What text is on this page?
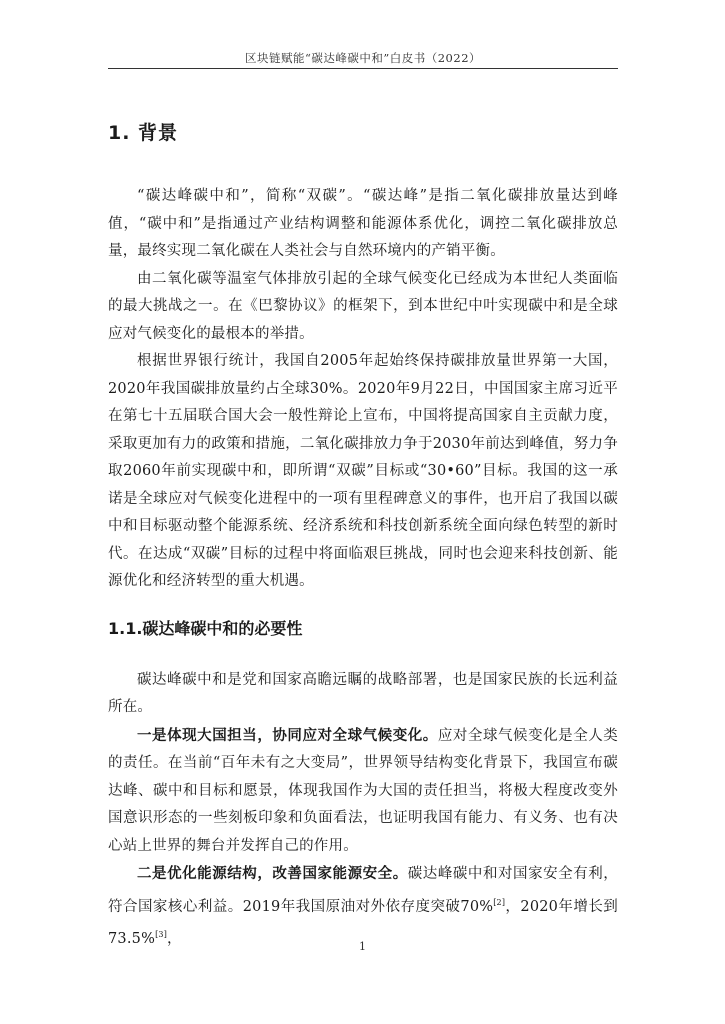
区块链赋能“碳达峰碳中和”白皮书（2022）
1. 背景

“碳达峰碳中和”，简称“双碳”。“碳达峰”是指二氧化碳排放量达到峰值，“碳中和”是指通过产业结构调整和能源体系优化，调控二氧化碳排放总量，最终实现二氧化碳在人类社会与自然环境内的产销平衡。

由二氧化碳等温室气体排放引起的全球气候变化已经成为本世纪人类面临的最大挑战之一。在《巴黎协议》的框架下，到本世纪中叶实现碳中和是全球应对气候变化的最根本的举措。

根据世界银行统计，我国自2005年起始终保持碳排放量世界第一大国，2020年我国碳排放量约占全球30%。2020年9月22日，中国国家主席习近平在第七十五届联合国大会一般性辩论上宣布，中国将提高国家自主贡献力度，采取更加有力的政策和措施，二氧化碳排放力争于2030年前达到峰值，努力争取2060年前实现碳中和，即所谓“双碳”目标或“30•60”目标。我国的这一承诺是全球应对气候变化进程中的一项有里程碑意义的事件，也开启了我国以碳中和目标驱动整个能源系统、经济系统和科技创新系统全面向绿色转型的新时代。在达成“双碳”目标的过程中将面临艰巨挑战，同时也会迎来科技创新、能源优化和经济转型的重大机遇。

1.1.碳达峰碳中和的必要性

碳达峰碳中和是党和国家高瞻远瞩的战略部署，也是国家民族的长远利益所在。

一是体现大国担当，协同应对全球气候变化。应对全球气候变化是全人类的责任。在当前“百年未有之大变局”，世界领导结构变化背景下，我国宣布碳达峰、碳中和目标和愿景，体现我国作为大国的责任担当，将极大程度改变外国意识形态的一些刻板印象和负面看法，也证明我国有能力、有义务、也有决心站上世界的舞台并发挥自己的作用。

二是优化能源结构，改善国家能源安全。碳达峰碳中和对国家安全有利，符合国家核心利益。2019年我国原油对外依存度突破70%[2]，2020年增长到73.5%[3]，	1
